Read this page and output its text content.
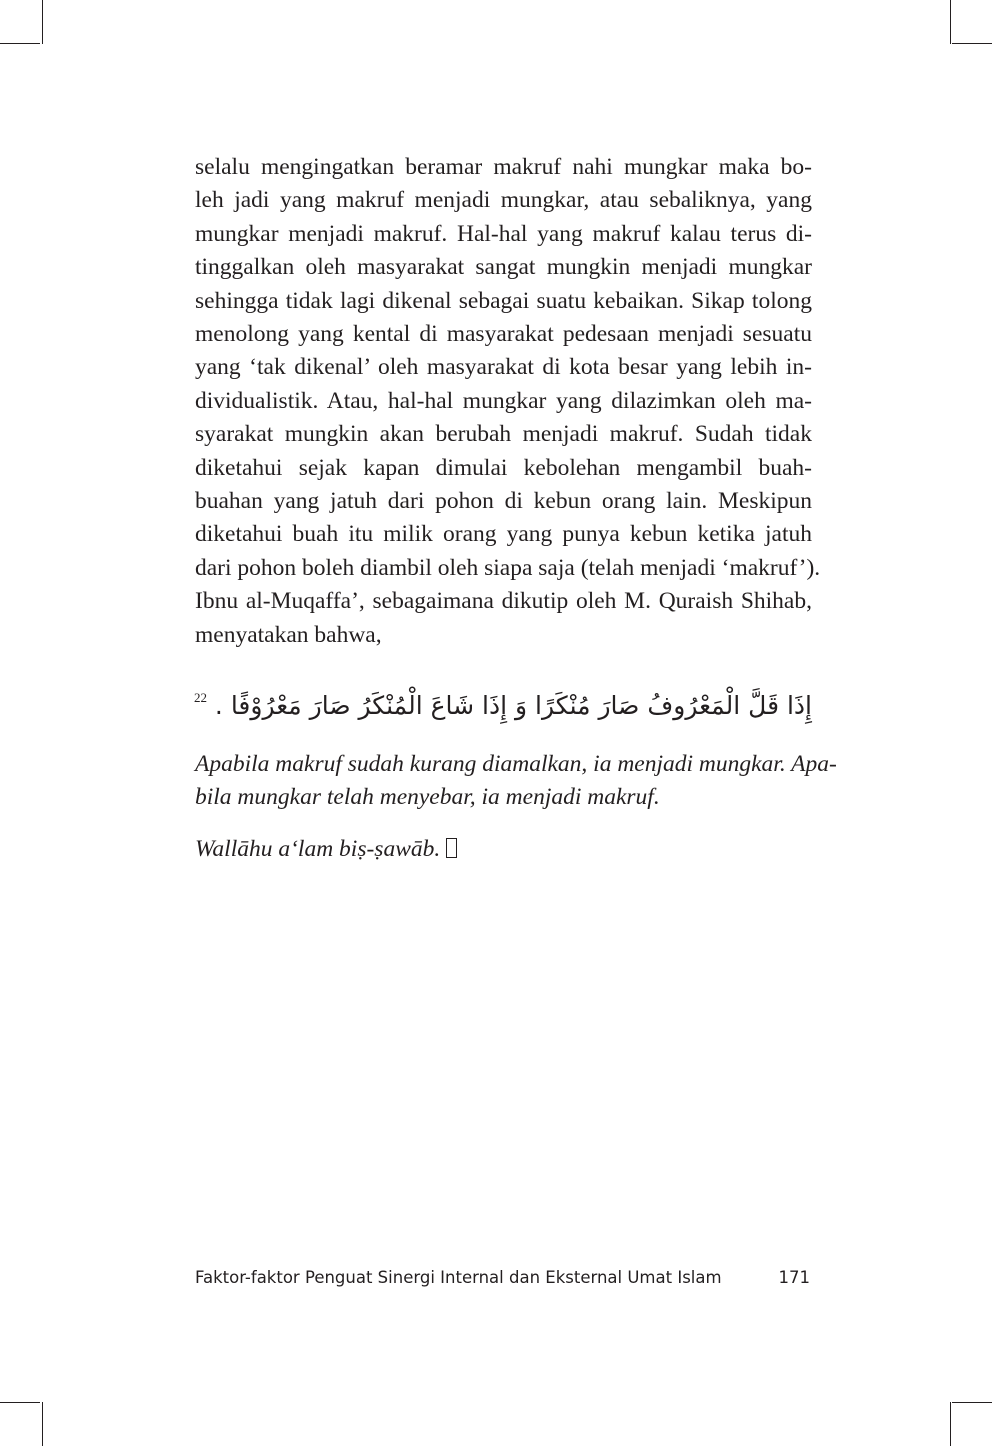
selalu mengingatkan beramar makruf nahi mungkar maka bo-
leh jadi yang makruf menjadi mungkar, atau sebaliknya, yang
mungkar menjadi makruf. Hal-hal yang makruf kalau terus di-
tinggalkan oleh masyarakat sangat mungkin menjadi mungkar
sehingga tidak lagi dikenal sebagai suatu kebaikan. Sikap tolong
menolong yang kental di masyarakat pedesaan menjadi sesuatu
yang ‘tak dikenal’ oleh masyarakat di kota besar yang lebih in-
dividualistik. Atau, hal-hal mungkar yang dilazimkan oleh ma-
syarakat mungkin akan berubah menjadi makruf. Sudah tidak
diketahui sejak kapan dimulai kebolehan mengambil buah-
buahan yang jatuh dari pohon di kebun orang lain. Meskipun
diketahui buah itu milik orang yang punya kebun ketika jatuh
dari pohon boleh diambil oleh siapa saja (telah menjadi ‘makruf’).
Ibnu al-Muqaffa’, sebagaimana dikutip oleh M. Quraish Shihab,
menyatakan bahwa,
إِذَا قَلَّ الْمَعْرُوفُ صَارَ مُنْكَرًا وَ إِذَا شَاعَ الْمُنْكَرُ صَارَ مَعْرُوْفًا . $^{22}$
Apabila makruf sudah kurang diamalkan, ia menjadi mungkar. Apa-
bila mungkar telah menyebar, ia menjadi makruf.
Wallāhu a‘lam biṣ-ṣawāb.
Faktor-faktor Penguat Sinergi Internal dan Eksternal Umat Islam	171
